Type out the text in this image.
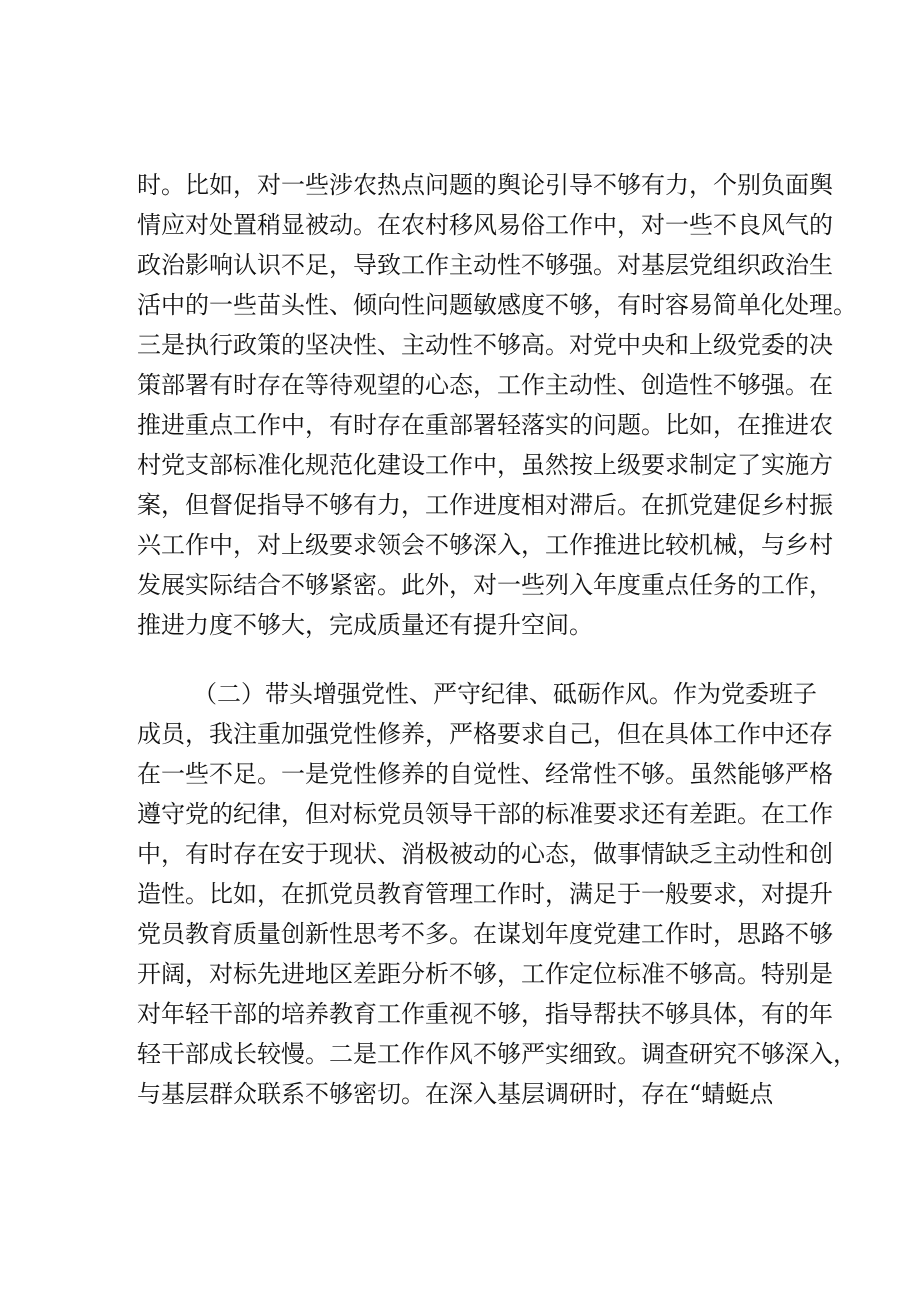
时。比如，对一些涉农热点问题的舆论引导不够有力，个别负面舆
情应对处置稍显被动。在农村移风易俗工作中，对一些不良风气的
政治影响认识不足，导致工作主动性不够强。对基层党组织政治生
活中的一些苗头性、倾向性问题敏感度不够，有时容易简单化处理。
三是执行政策的坚决性、主动性不够高。对党中央和上级党委的决
策部署有时存在等待观望的心态，工作主动性、创造性不够强。在
推进重点工作中，有时存在重部署轻落实的问题。比如，在推进农
村党支部标准化规范化建设工作中，虽然按上级要求制定了实施方
案，但督促指导不够有力，工作进度相对滞后。在抓党建促乡村振
兴工作中，对上级要求领会不够深入，工作推进比较机械，与乡村
发展实际结合不够紧密。此外，对一些列入年度重点任务的工作，
推进力度不够大，完成质量还有提升空间。
（二）带头增强党性、严守纪律、砥砺作风。作为党委班子
成员，我注重加强党性修养，严格要求自己，但在具体工作中还存
在一些不足。一是党性修养的自觉性、经常性不够。虽然能够严格
遵守党的纪律，但对标党员领导干部的标准要求还有差距。在工作
中，有时存在安于现状、消极被动的心态，做事情缺乏主动性和创
造性。比如，在抓党员教育管理工作时，满足于一般要求，对提升
党员教育质量创新性思考不多。在谋划年度党建工作时，思路不够
开阔，对标先进地区差距分析不够，工作定位标准不够高。特别是
对年轻干部的培养教育工作重视不够，指导帮扶不够具体，有的年
轻干部成长较慢。二是工作作风不够严实细致。调查研究不够深入，
与基层群众联系不够密切。在深入基层调研时，存在“蜻蜓点
